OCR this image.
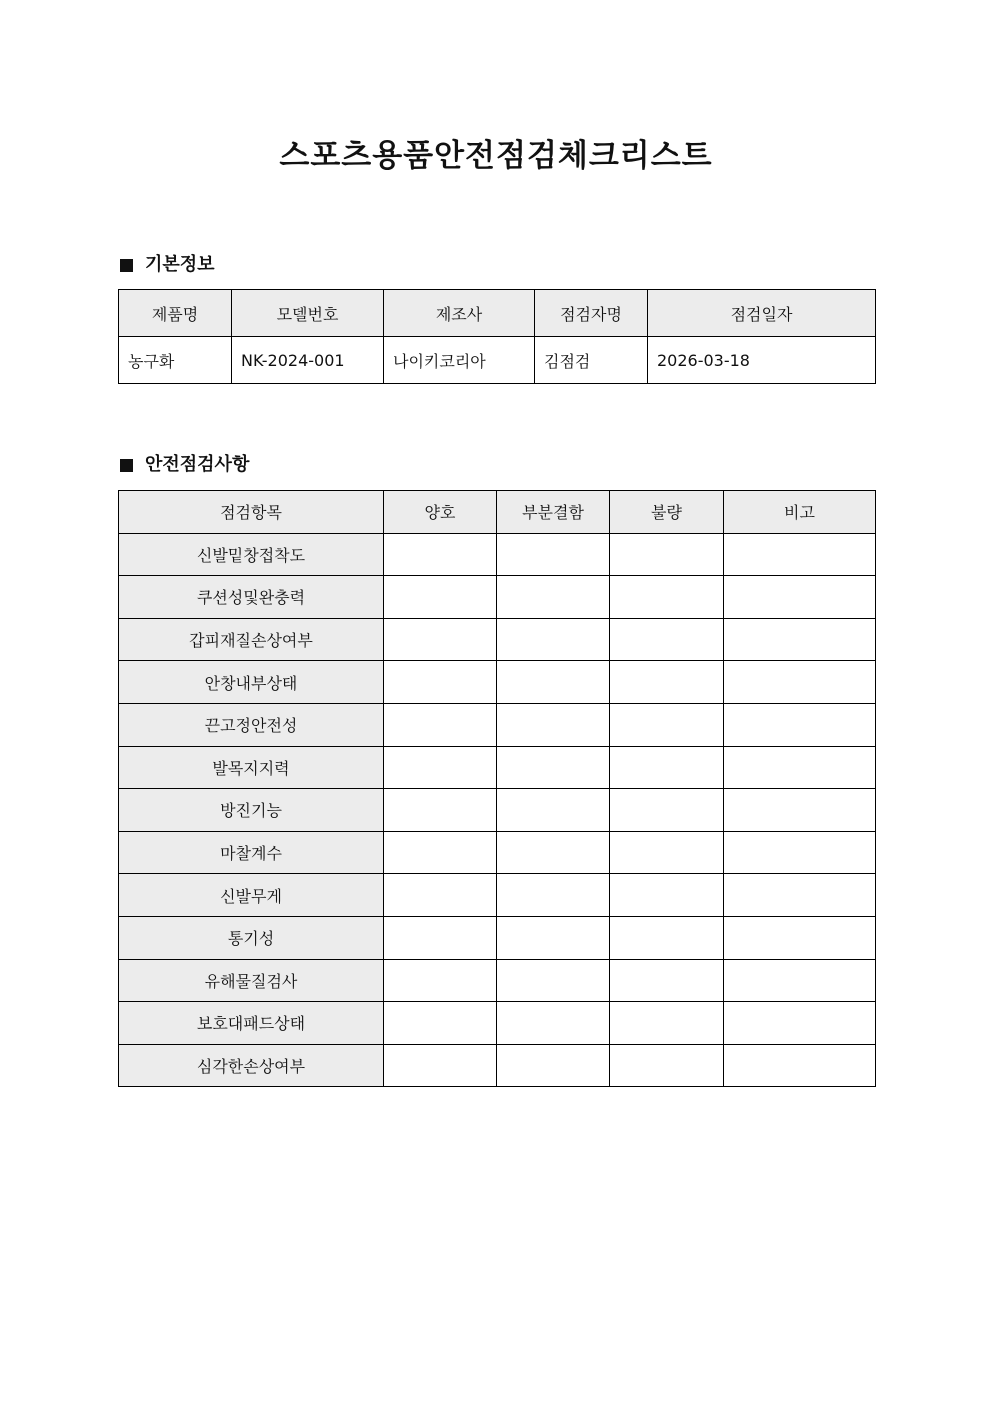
스포츠용품안전점검체크리스트
기본정보
제품명	모델번호	제조사	점검자명	점검일자
농구화	NK-2024-001	나이키코리아	김점검	2026-03-18
안전점검사항
점검항목	양호	부분결함	불량	비고
신발밑창접착도				
쿠션성및완충력				
갑피재질손상여부				
안창내부상태				
끈고정안전성				
발목지지력				
방진기능				
마찰계수				
신발무게				
통기성				
유해물질검사				
보호대패드상태				
심각한손상여부				
